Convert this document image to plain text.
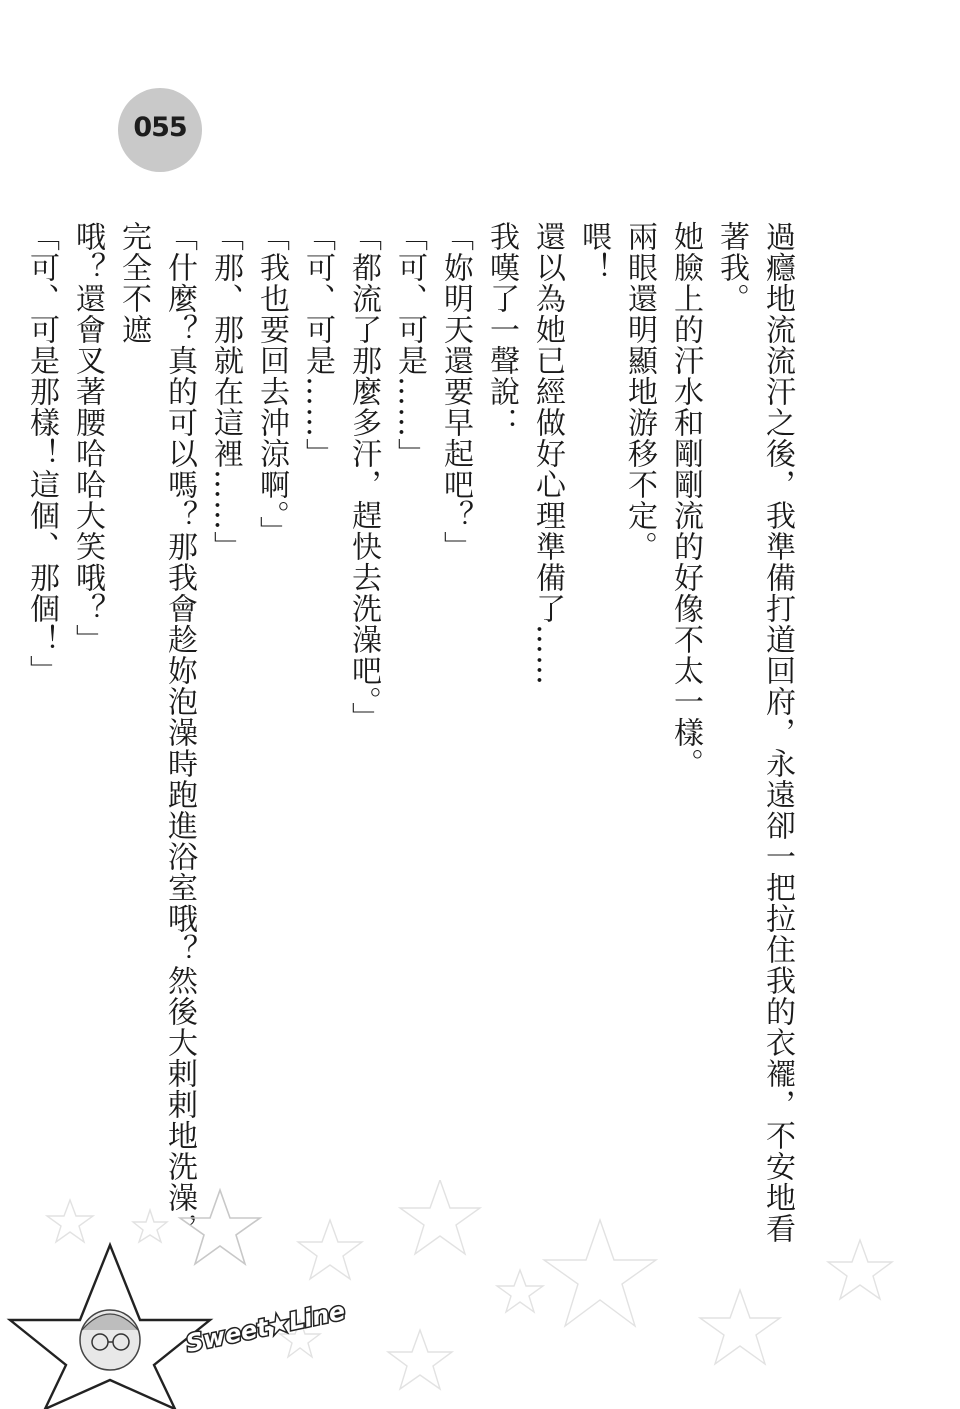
055

過癮地流流汗之後，我準備打道回府，永遠卻一把拉住我的衣襬，不安地看著我。

她臉上的汗水和剛剛流的好像不太一樣。

兩眼還明顯地游移不定。

喂！

還以為她已經做好心理準備了……

我嘆了一聲說：

「妳明天還要早起吧？」

「可、可是……」

「都流了那麼多汗，趕快去洗澡吧。」

「可、可是……」

「我也要回去沖涼啊。」

「那、那就在這裡……」

「什麼？真的可以嗎？那我會趁妳泡澡時跑進浴室哦？然後大剌剌地洗澡，完全不遮

哦？還會叉著腰哈哈大笑哦？」

「可、可是那樣！這個、那個！」

Sweet★Line
